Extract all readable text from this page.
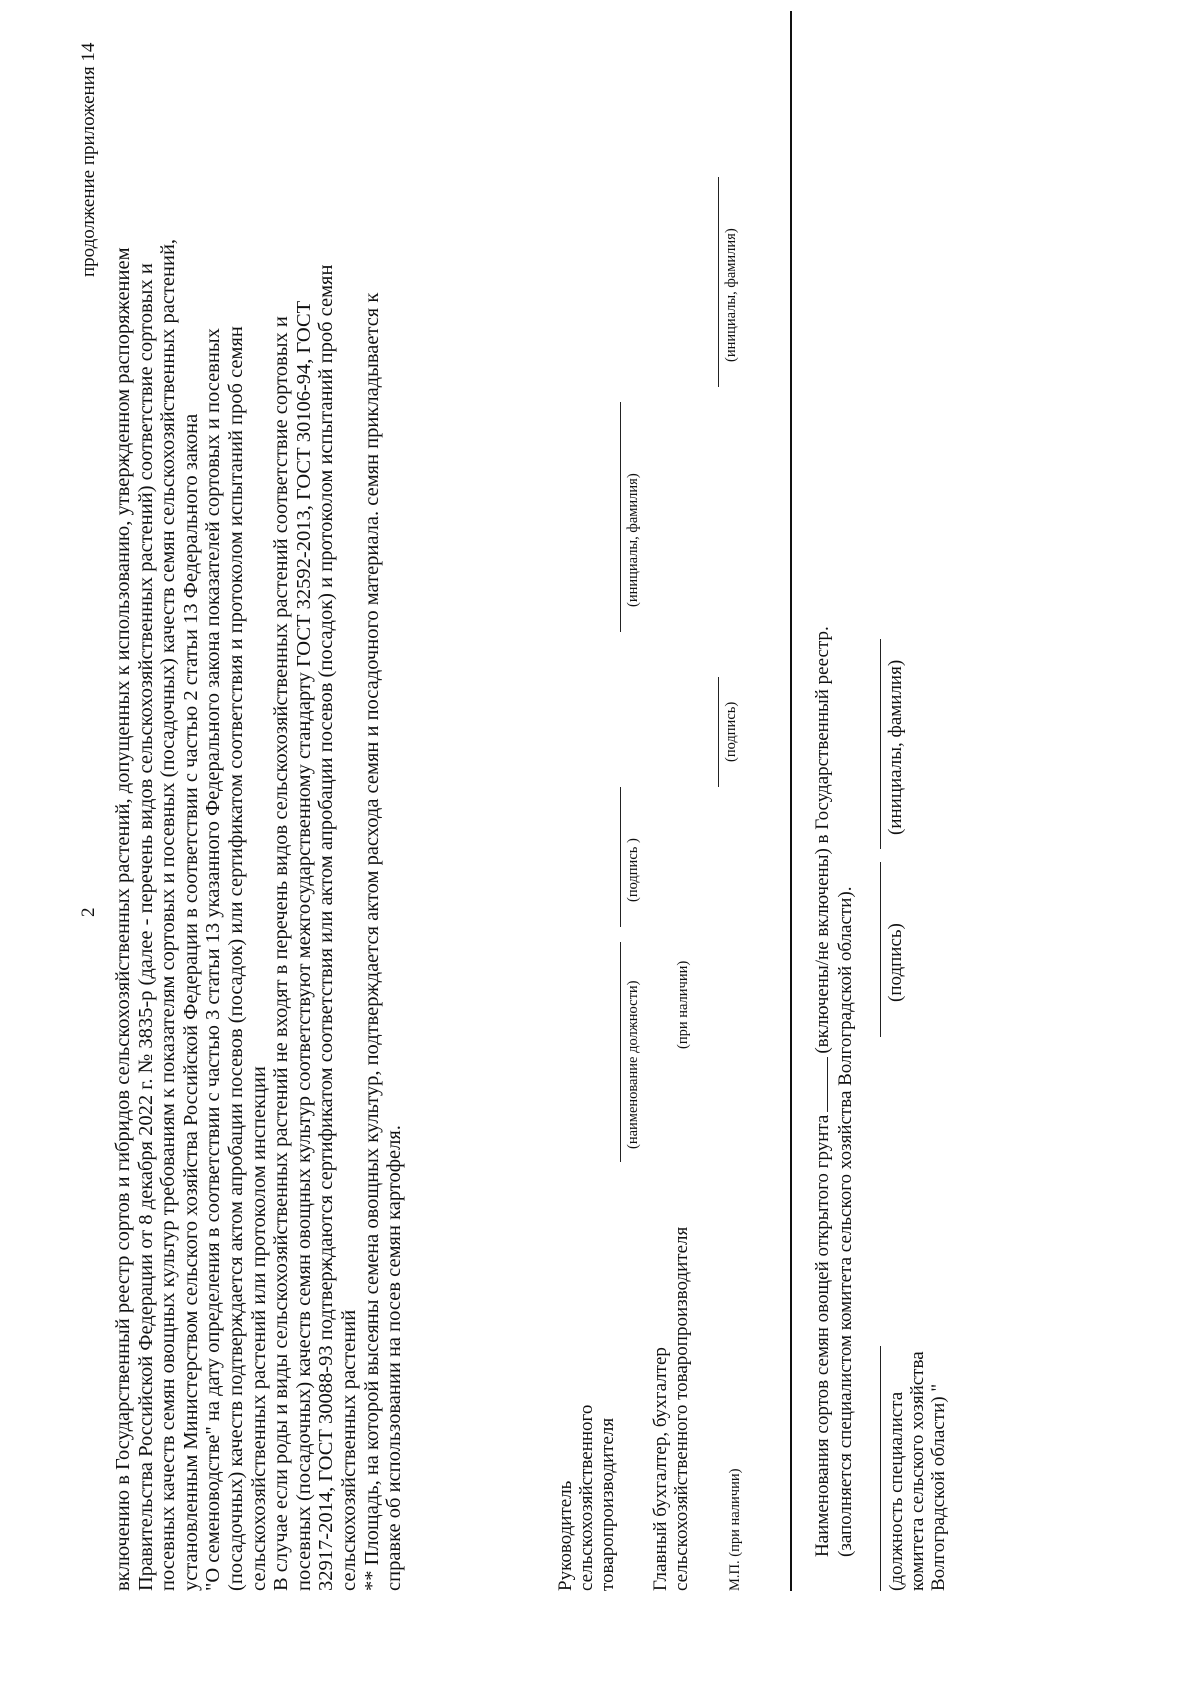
2
продолжение приложения 14
включению в Государственный реестр сортов и гибридов сельскохозяйственных растений, допущенных к использованию, утвержденном распоряжением Правительства Российской Федерации от 8 декабря 2022 г. № 3835-р (далее - перечень видов сельскохозяйственных растений) соответствие сортовых и посевных качеств семян овощных культур требованиям к показателям сортовых и посевных (посадочных) качеств семян сельскохозяйственных растений, установленным Министерством сельского хозяйства Российской Федерации в соответствии с частью 2 статьи 13 Федерального закона "О семеноводстве" на дату определения в соответствии с частью 3 статьи 13 указанного Федерального закона показателей сортовых и посевных (посадочных) качеств подтверждается актом апробации посевов (посадок) или сертификатом соответствия и протоколом испытаний проб семян сельскохозяйственных растений или протоколом инспекции В случае если роды и виды сельскохозяйственных растений не входят в перечень видов сельскохозяйственных растений соответствие сортовых и посевных (посадочных) качеств семян овощных культур соответствуют межгосударственному стандарту ГОСТ 32592-2013, ГОСТ 30106-94, ГОСТ 32917-2014, ГОСТ 30088-93 подтверждаются сертификатом соответствия или актом апробации посевов (посадок) и протоколом испытаний проб семян сельскохозяйственных растений ** Площадь, на которой высеяны семена овощных культур, подтверждается актом расхода семян и посадочного материала. семян прикладывается к справке об использовании на посев семян картофеля.	Руководитель сельскохозяйственного товаропроизводителя
(наименование должности)
(подпись )
(инициалы, фамилия)
Главный бухгалтер, бухгалтер сельскохозяйственного товаропроизводителя
(при наличии)
(подпись)
(инициалы, фамилия)
М.П. (при наличии)	Наименования сортов семян овощей открытого грунта(включены/не включены) в Государственный реестр.
(заполняется специалистом комитета сельского хозяйства Волгоградской области). (должность специалиста комитета сельского хозяйства Волгоградской области) "
(подпись)
(инициалы, фамилия)
